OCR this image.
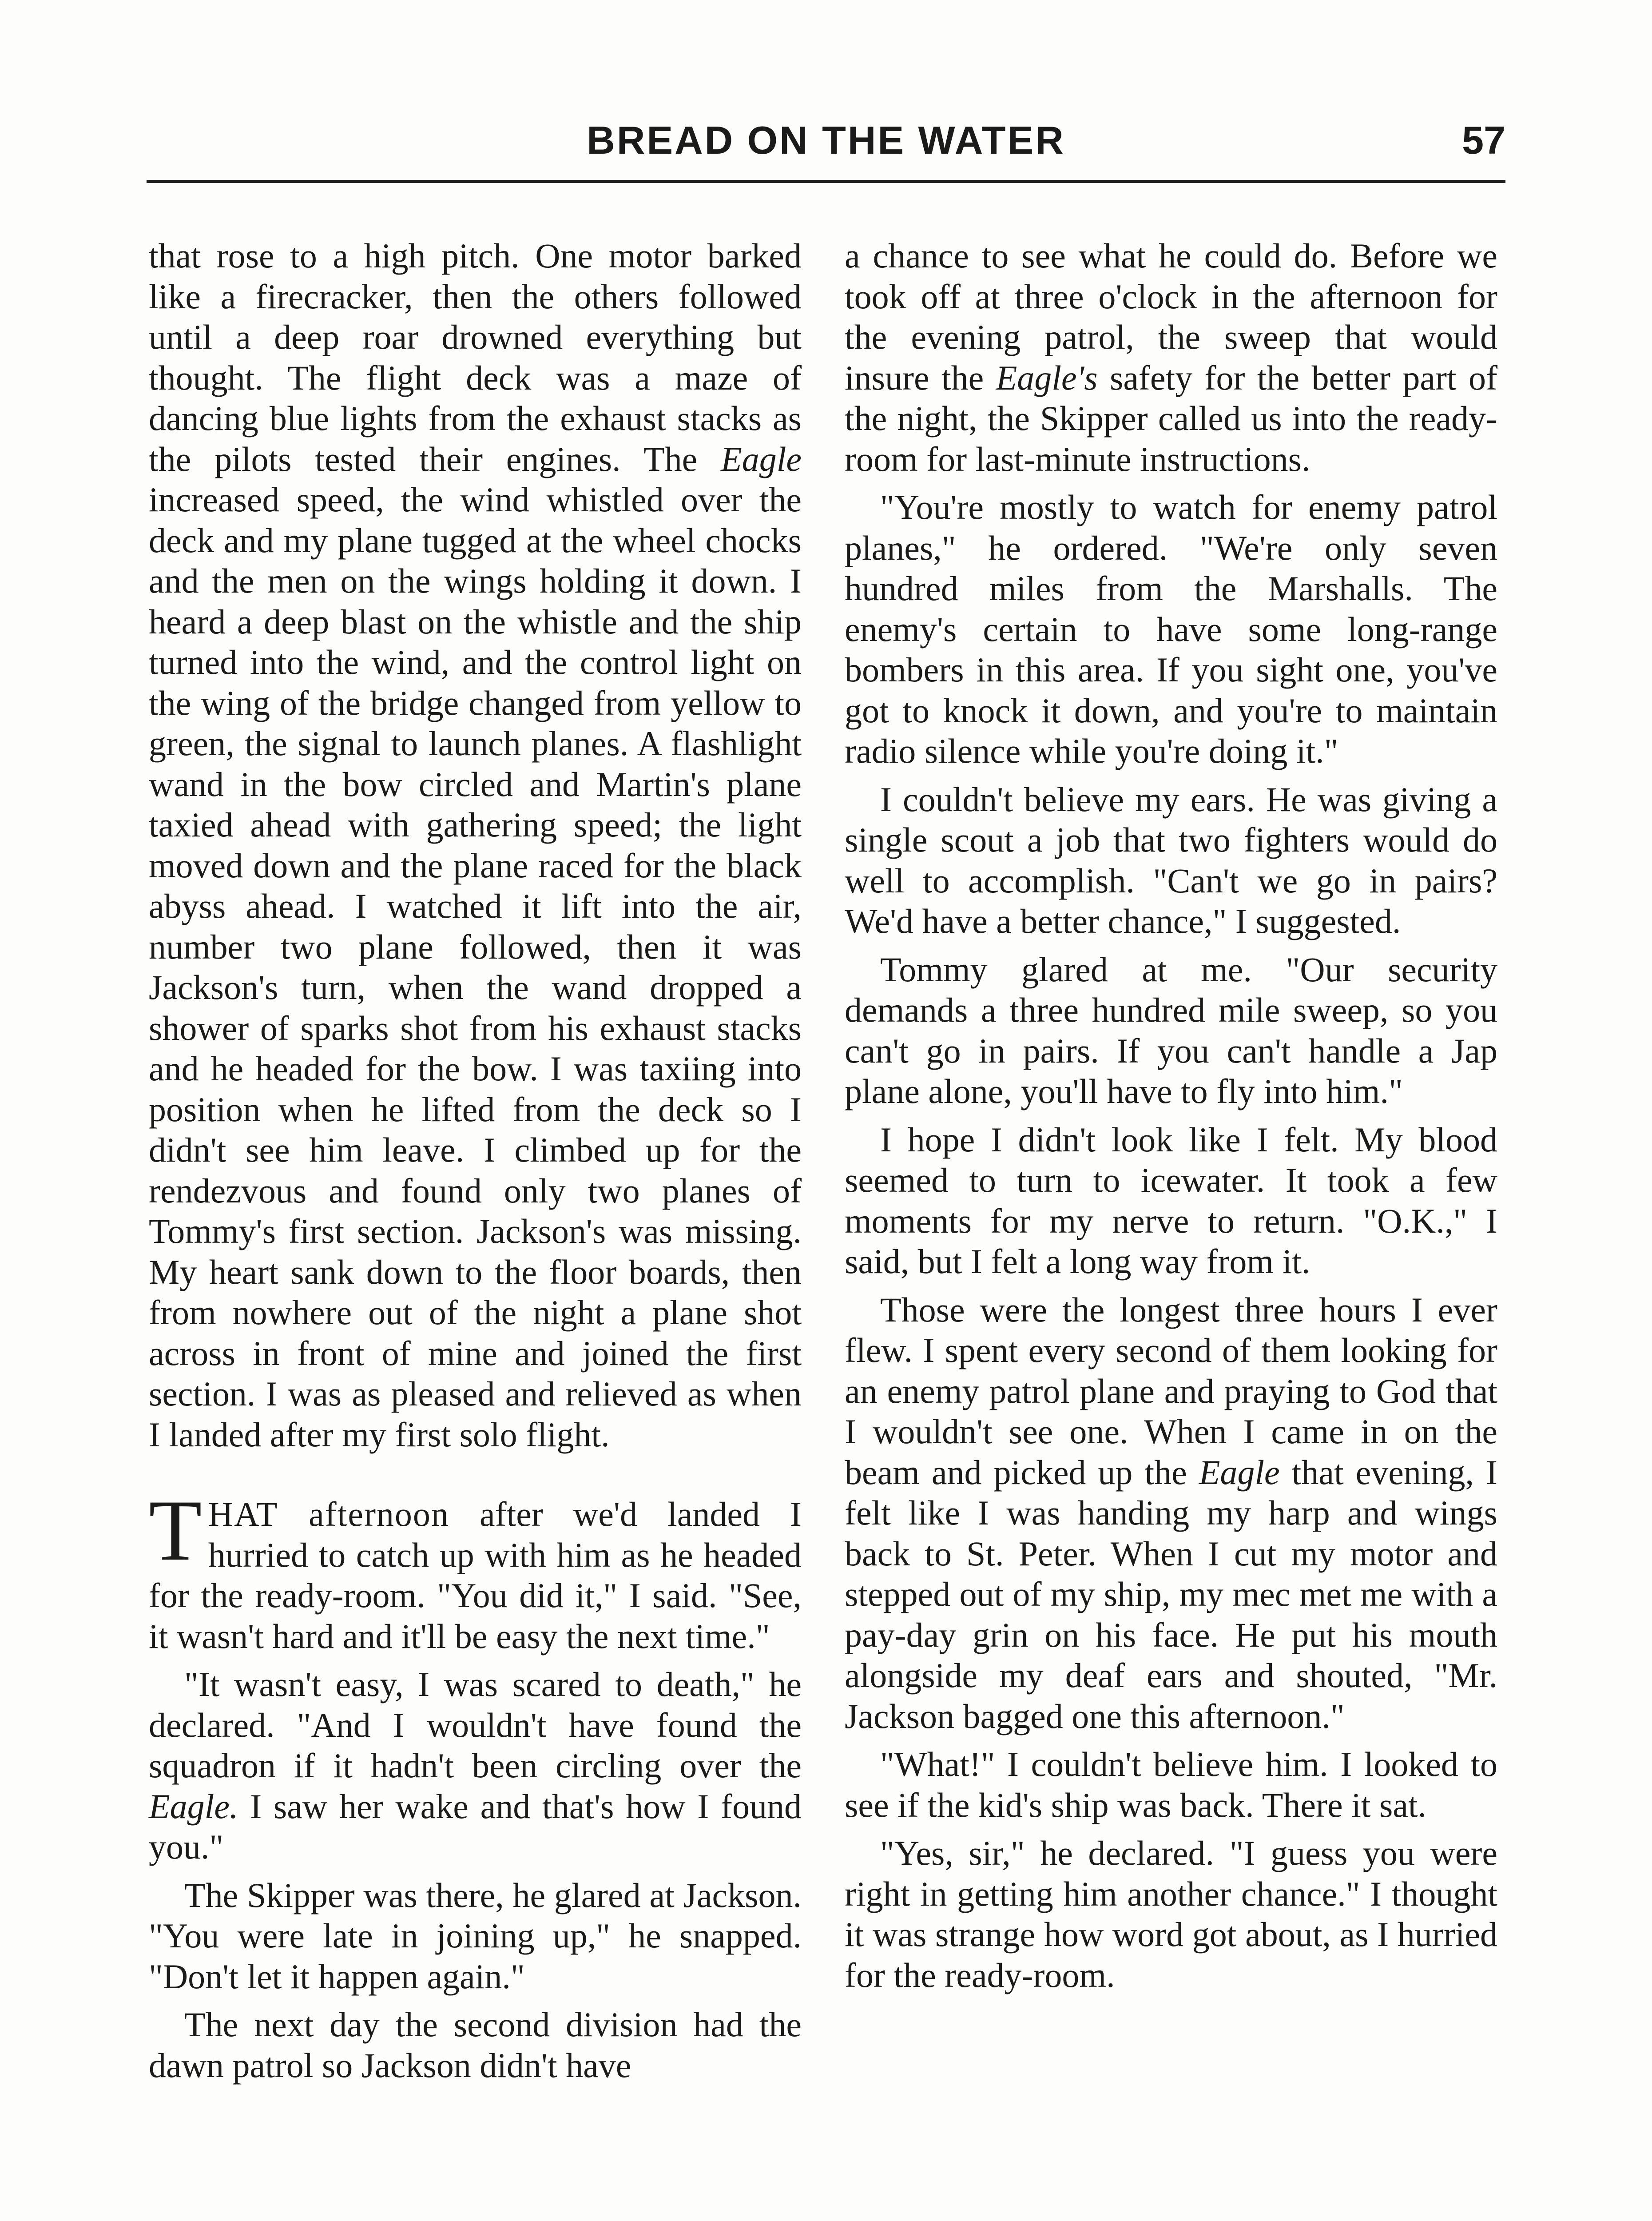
BREAD ON THE WATER	57

that rose to a high pitch. One motor barked like a firecracker, then the others followed until a deep roar drowned everything but thought. The flight deck was a maze of dancing blue lights from the exhaust stacks as the pilots tested their engines. The Eagle increased speed, the wind whistled over the deck and my plane tugged at the wheel chocks and the men on the wings holding it down. I heard a deep blast on the whistle and the ship turned into the wind, and the control light on the wing of the bridge changed from yellow to green, the signal to launch planes. A flashlight wand in the bow circled and Martin's plane taxied ahead with gathering speed; the light moved down and the plane raced for the black abyss ahead. I watched it lift into the air, number two plane followed, then it was Jackson's turn, when the wand dropped a shower of sparks shot from his exhaust stacks and he headed for the bow. I was taxiing into position when he lifted from the deck so I didn't see him leave. I climbed up for the rendezvous and found only two planes of Tommy's first section. Jackson's was missing. My heart sank down to the floor boards, then from nowhere out of the night a plane shot across in front of mine and joined the first section. I was as pleased and relieved as when I landed after my first solo flight.

THAT afternoon after we'd landed I hurried to catch up with him as he headed for the ready-room. "You did it," I said. "See, it wasn't hard and it'll be easy the next time."

"It wasn't easy, I was scared to death," he declared. "And I wouldn't have found the squadron if it hadn't been circling over the Eagle. I saw her wake and that's how I found you."

The Skipper was there, he glared at Jackson. "You were late in joining up," he snapped. "Don't let it happen again."

The next day the second division had the dawn patrol so Jackson didn't have

a chance to see what he could do. Before we took off at three o'clock in the afternoon for the evening patrol, the sweep that would insure the Eagle's safety for the better part of the night, the Skipper called us into the ready-room for last-minute instructions.

"You're mostly to watch for enemy patrol planes," he ordered. "We're only seven hundred miles from the Marshalls. The enemy's certain to have some long-range bombers in this area. If you sight one, you've got to knock it down, and you're to maintain radio silence while you're doing it."

I couldn't believe my ears. He was giving a single scout a job that two fighters would do well to accomplish. "Can't we go in pairs? We'd have a better chance," I suggested.

Tommy glared at me. "Our security demands a three hundred mile sweep, so you can't go in pairs. If you can't handle a Jap plane alone, you'll have to fly into him."

I hope I didn't look like I felt. My blood seemed to turn to icewater. It took a few moments for my nerve to return. "O.K.," I said, but I felt a long way from it.

Those were the longest three hours I ever flew. I spent every second of them looking for an enemy patrol plane and praying to God that I wouldn't see one. When I came in on the beam and picked up the Eagle that evening, I felt like I was handing my harp and wings back to St. Peter. When I cut my motor and stepped out of my ship, my mec met me with a pay-day grin on his face. He put his mouth alongside my deaf ears and shouted, "Mr. Jackson bagged one this afternoon."

"What!" I couldn't believe him. I looked to see if the kid's ship was back. There it sat.

"Yes, sir," he declared. "I guess you were right in getting him another chance." I thought it was strange how word got about, as I hurried for the ready-room.
